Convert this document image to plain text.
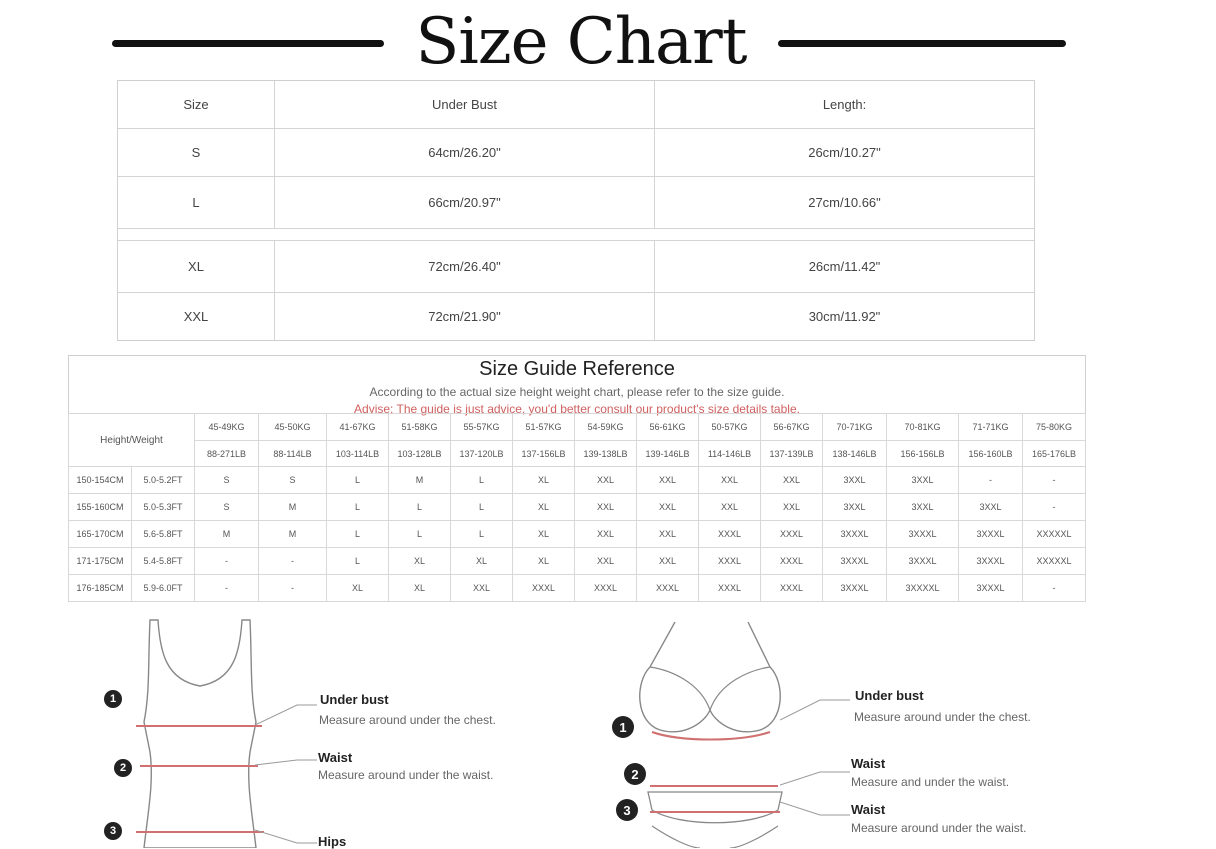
Size Chart
Size	Under Bust	Length:
S	64cm/26.20"	26cm/10.27"
L	66cm/20.97"	27cm/10.66"
XL	72cm/26.40"	26cm/11.42"
XXL	72cm/21.90"	30cm/11.92"
Size Guide Reference
According to the actual size height weight chart, please refer to the size guide.
Advise: The guide is just advice, you'd better consult our product's size details table.
Height/Weight		45-49KG	45-50KG	41-67KG	51-58KG	55-57KG	51-57KG	54-59KG	56-61KG	50-57KG	56-67KG	70-71KG	70-81KG	71-71KG	75-80KG
		88-271LB	88-114LB	103-114LB	103-128LB	137-120LB	137-156LB	139-138LB	139-146LB	114-146LB	137-139LB	138-146LB	156-156LB	156-160LB	165-176LB
150-154CM	5.0-5.2FT	S	S	L	M	L	XL	XXL	XXL	XXL	XXL	3XXL	3XXL	-	-
155-160CM	5.0-5.3FT	S	M	L	L	L	XL	XXL	XXL	XXL	XXL	3XXL	3XXL	3XXL	-
165-170CM	5.6-5.8FT	M	M	L	L	L	XL	XXL	XXL	XXXL	XXXL	3XXXL	3XXXL	3XXXL	XXXXXL
171-175CM	5.4-5.8FT	-	-	L	XL	XL	XL	XXL	XXL	XXXL	XXXL	3XXXL	3XXXL	3XXXL	XXXXXL
176-185CM	5.9-6.0FT	-	-	XL	XL	XXL	XXXL	XXXL	XXXL	XXXL	XXXL	3XXXL	3XXXXL	3XXXL	-
1
2
3
Under bust
Measure around under the chest.
Waist
Measure around under the waist.
Hips
1
2
3
Under bust
Measure around under the chest.
Waist
Measure and under the waist.
Waist
Measure around under the waist.
